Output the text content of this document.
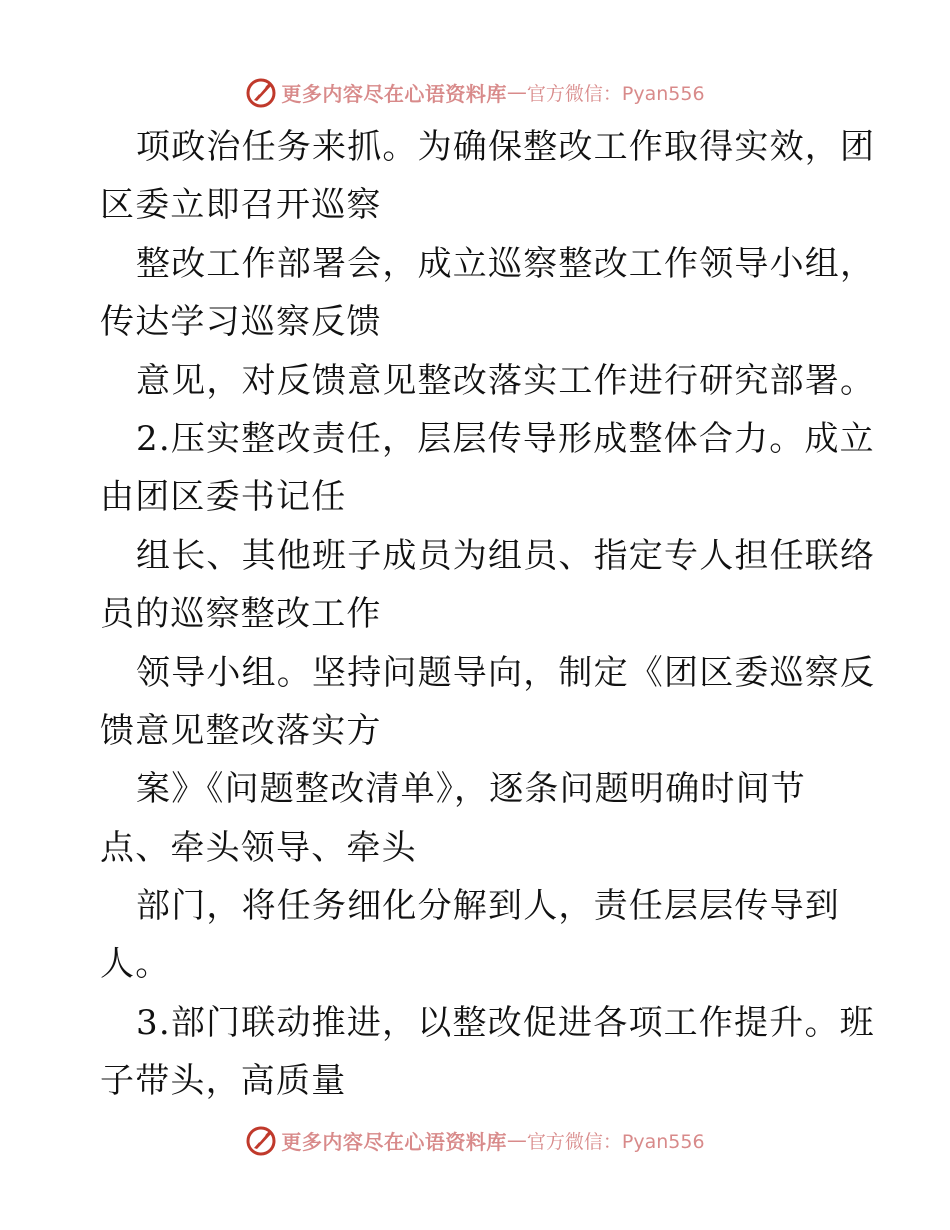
更多内容尽在心语资料库 — 官方微信：Pyan556
项政治任务来抓。为确保整改工作取得实效，团
区委立即召开巡察
整改工作部署会，成立巡察整改工作领导小组，
传达学习巡察反馈
意见，对反馈意见整改落实工作进行研究部署。
2.压实整改责任，层层传导形成整体合力。成立
由团区委书记任
组长、其他班子成员为组员、指定专人担任联络
员的巡察整改工作
领导小组。坚持问题导向，制定《团区委巡察反
馈意见整改落实方
案》《问题整改清单》，逐条问题明确时间节
点、牵头领导、牵头
部门，将任务细化分解到人，责任层层传导到
人。
3.部门联动推进，以整改促进各项工作提升。班
子带头，高质量
更多内容尽在心语资料库 — 官方微信：Pyan556
